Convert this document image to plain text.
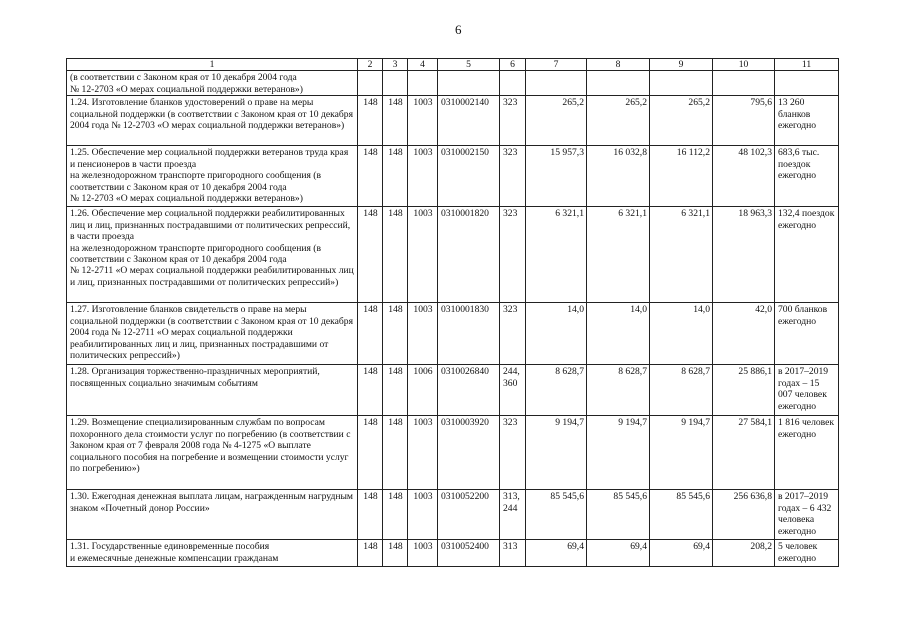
6
1	2	3	4	5	6	7	8	9	10	11
(в соответствии с Законом края от 10 декабря 2004 года
№ 12-2703 «О мерах социальной поддержки ветеранов»)										
1.24. Изготовление бланков удостоверений о праве на меры социальной поддержки (в соответствии с Законом края от 10 декабря 2004 года № 12-2703 «О мерах социальной поддержки ветеранов»)	148	148	1003	0310002140	323	265,2	265,2	265,2	795,6	13 260 бланков ежегодно
1.25. Обеспечение мер социальной поддержки ветеранов труда края и пенсионеров в части проезда
на железнодорожном транспорте пригородного сообщения (в соответствии с Законом края от 10 декабря 2004 года
№ 12-2703 «О мерах социальной поддержки ветеранов»)	148	148	1003	0310002150	323	15 957,3	16 032,8	16 112,2	48 102,3	683,6 тыс. поездок ежегодно
1.26. Обеспечение мер социальной поддержки реабилитированных лиц и лиц, признанных пострадавшими от политических репрессий, в части проезда
на железнодорожном транспорте пригородного сообщения (в соответствии с Законом края от 10 декабря 2004 года
№ 12-2711 «О мерах социальной поддержки реабилитированных лиц и лиц, признанных пострадавшими от политических репрессий»)	148	148	1003	0310001820	323	6 321,1	6 321,1	6 321,1	18 963,3	132,4 поездок ежегодно
1.27. Изготовление бланков свидетельств о праве на меры социальной поддержки (в соответствии с Законом края от 10 декабря 2004 года № 12-2711 «О мерах социальной поддержки реабилитированных лиц и лиц, признанных пострадавшими от политических репрессий»)	148	148	1003	0310001830	323	14,0	14,0	14,0	42,0	700 бланков ежегодно
1.28. Организация торжественно-праздничных мероприятий, посвященных социально значимым событиям	148	148	1006	0310026840	244, 360	8 628,7	8 628,7	8 628,7	25 886,1	в 2017–2019 годах – 15 007 человек ежегодно
1.29. Возмещение специализированным службам по вопросам похоронного дела стоимости услуг по погребению (в соответствии с Законом края от 7 февраля 2008 года № 4-1275 «О выплате социального пособия на погребение и возмещении стоимости услуг по погребению»)	148	148	1003	0310003920	323	9 194,7	9 194,7	9 194,7	27 584,1	1 816 человек ежегодно
1.30. Ежегодная денежная выплата лицам, награжденным нагрудным знаком «Почетный донор России»	148	148	1003	0310052200	313, 244	85 545,6	85 545,6	85 545,6	256 636,8	в 2017–2019 годах – 6 432 человека ежегодно
1.31. Государственные единовременные пособия
и ежемесячные денежные компенсации гражданам	148	148	1003	0310052400	313	69,4	69,4	69,4	208,2	5 человек ежегодно
